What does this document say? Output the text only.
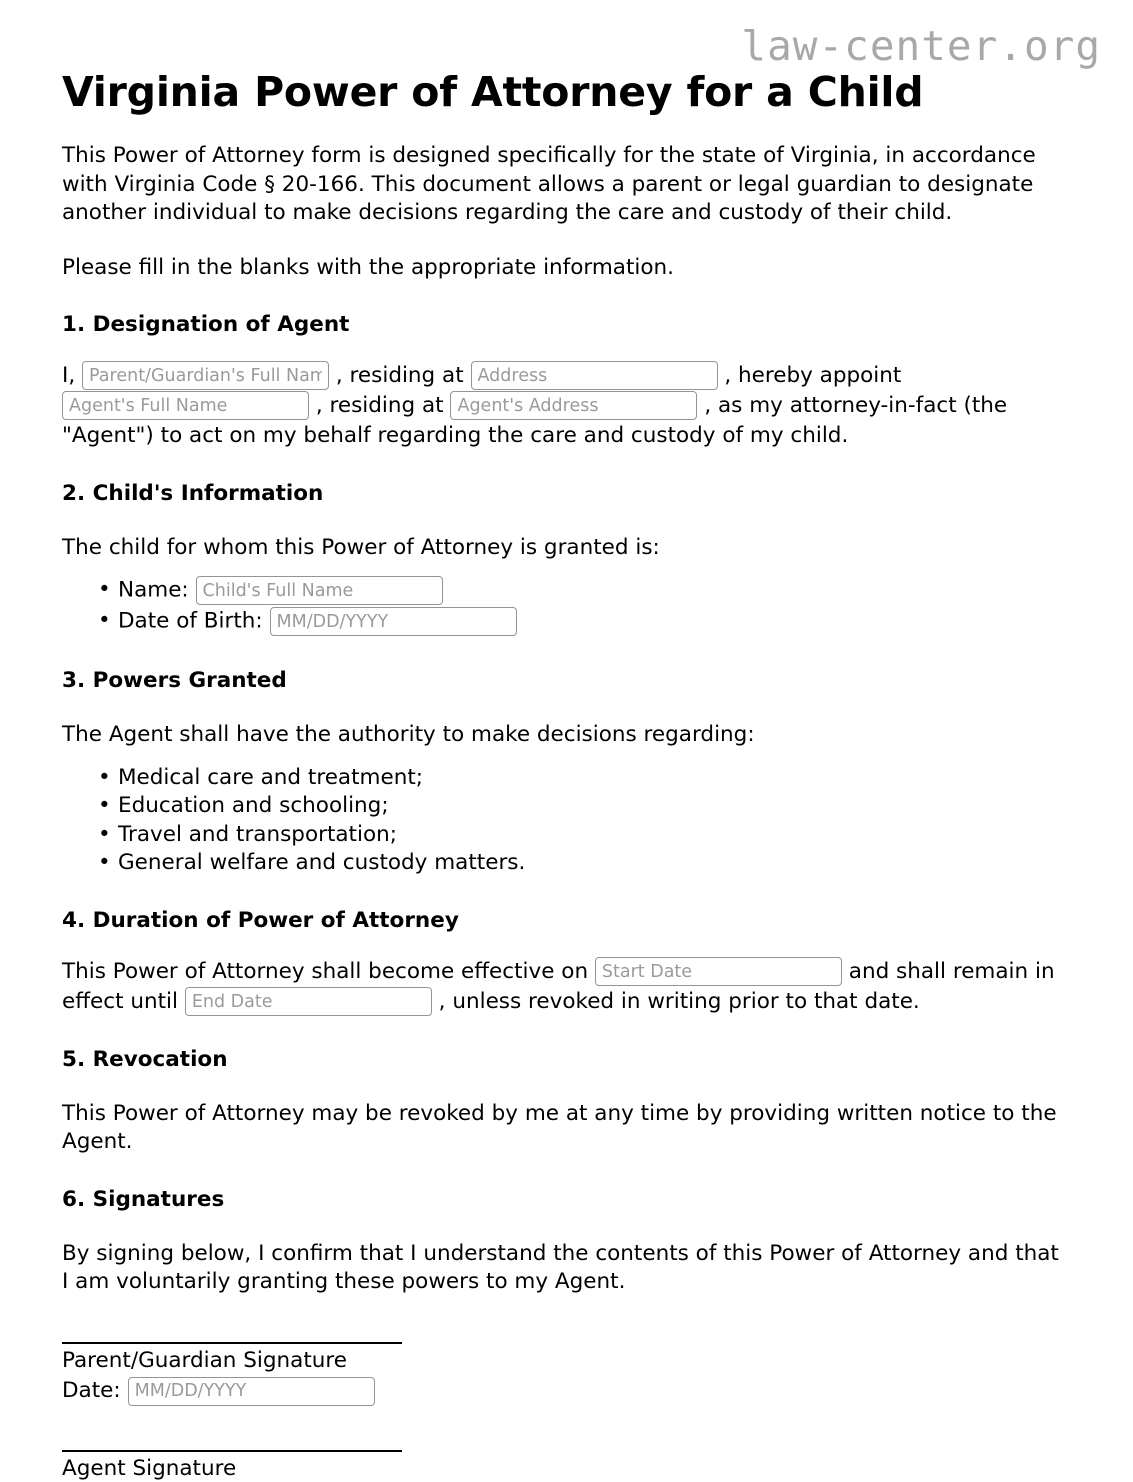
law-center.org
Virginia Power of Attorney for a Child

This Power of Attorney form is designed specifically for the state of Virginia, in accordance with Virginia Code § 20-166. This document allows a parent or legal guardian to designate another individual to make decisions regarding the care and custody of their child.

Please fill in the blanks with the appropriate information.

1. Designation of Agent
I, Parent/Guardian's Full Name	, residing at Address	, hereby appoint Agent's Full Name , residing at Agent's Address	, as my attorney-in-fact (the "Agent") to act on my behalf regarding the care and custody of my child.
2. Child's Information

The child for whom this Power of Attorney is granted is:

• Name: Child's Full Name
• Date of Birth: MM/DD/YYYY
3. Powers Granted

The Agent shall have the authority to make decisions regarding:

• Medical care and treatment;
• Education and schooling;
• Travel and transportation;
• General welfare and custody matters.
4. Duration of Power of Attorney
This Power of Attorney shall become effective on Start Date	and shall remain in effect until End Date	, unless revoked in writing prior to that date.
5. Revocation

This Power of Attorney may be revoked by me at any time by providing written notice to the Agent.

6. Signatures

By signing below, I confirm that I understand the contents of this Power of Attorney and that I am voluntarily granting these powers to my Agent.

Parent/Guardian Signature
Date:
MM/DD/YYYY
Agent Signature
